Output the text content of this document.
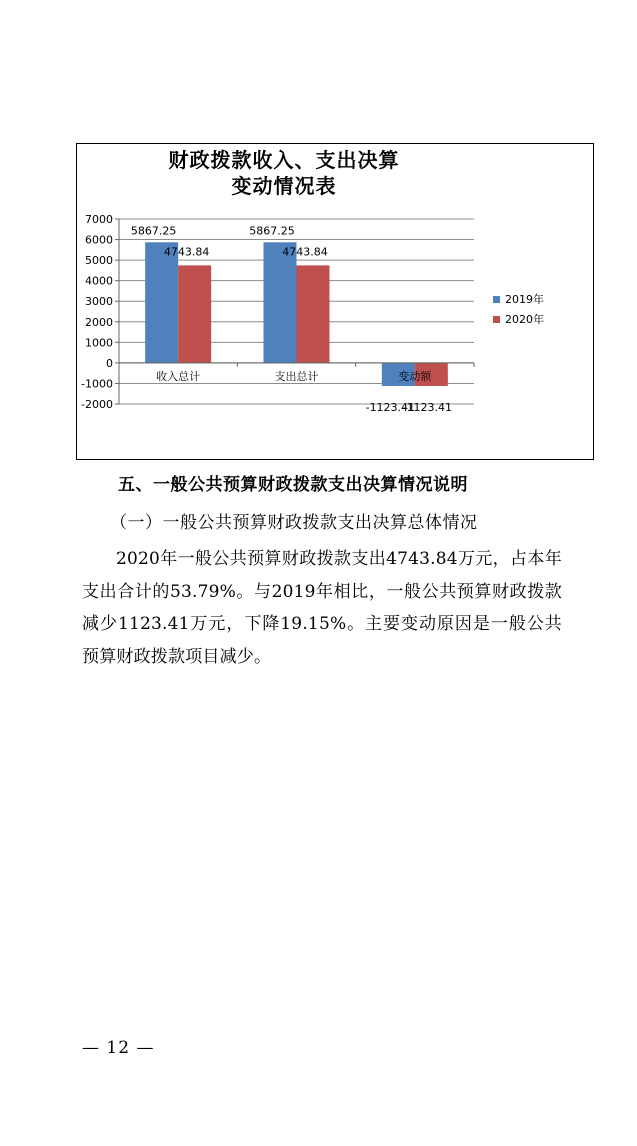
财政拨款收入、支出决算
变动情况表
7000
6000
5000
4000
3000
2000
1000
0
-1000
-2000
收入总计	支出总计	变动额
5867.25	5867.25
-1123.41
4743.84	4743.84
-1123.41
2019年
2020年
五、一般公共预算财政拨款支出决算情况说明
（一）一般公共预算财政拨款支出决算总体情况
2020年一般公共预算财政拨款支出4743.84万元，占本年支出合计的53.79%。与2019年相比，一般公共预算财政拨款减少1123.41万元，下降19.15%。主要变动原因是一般公共预算财政拨款项目减少。
— 12 —
